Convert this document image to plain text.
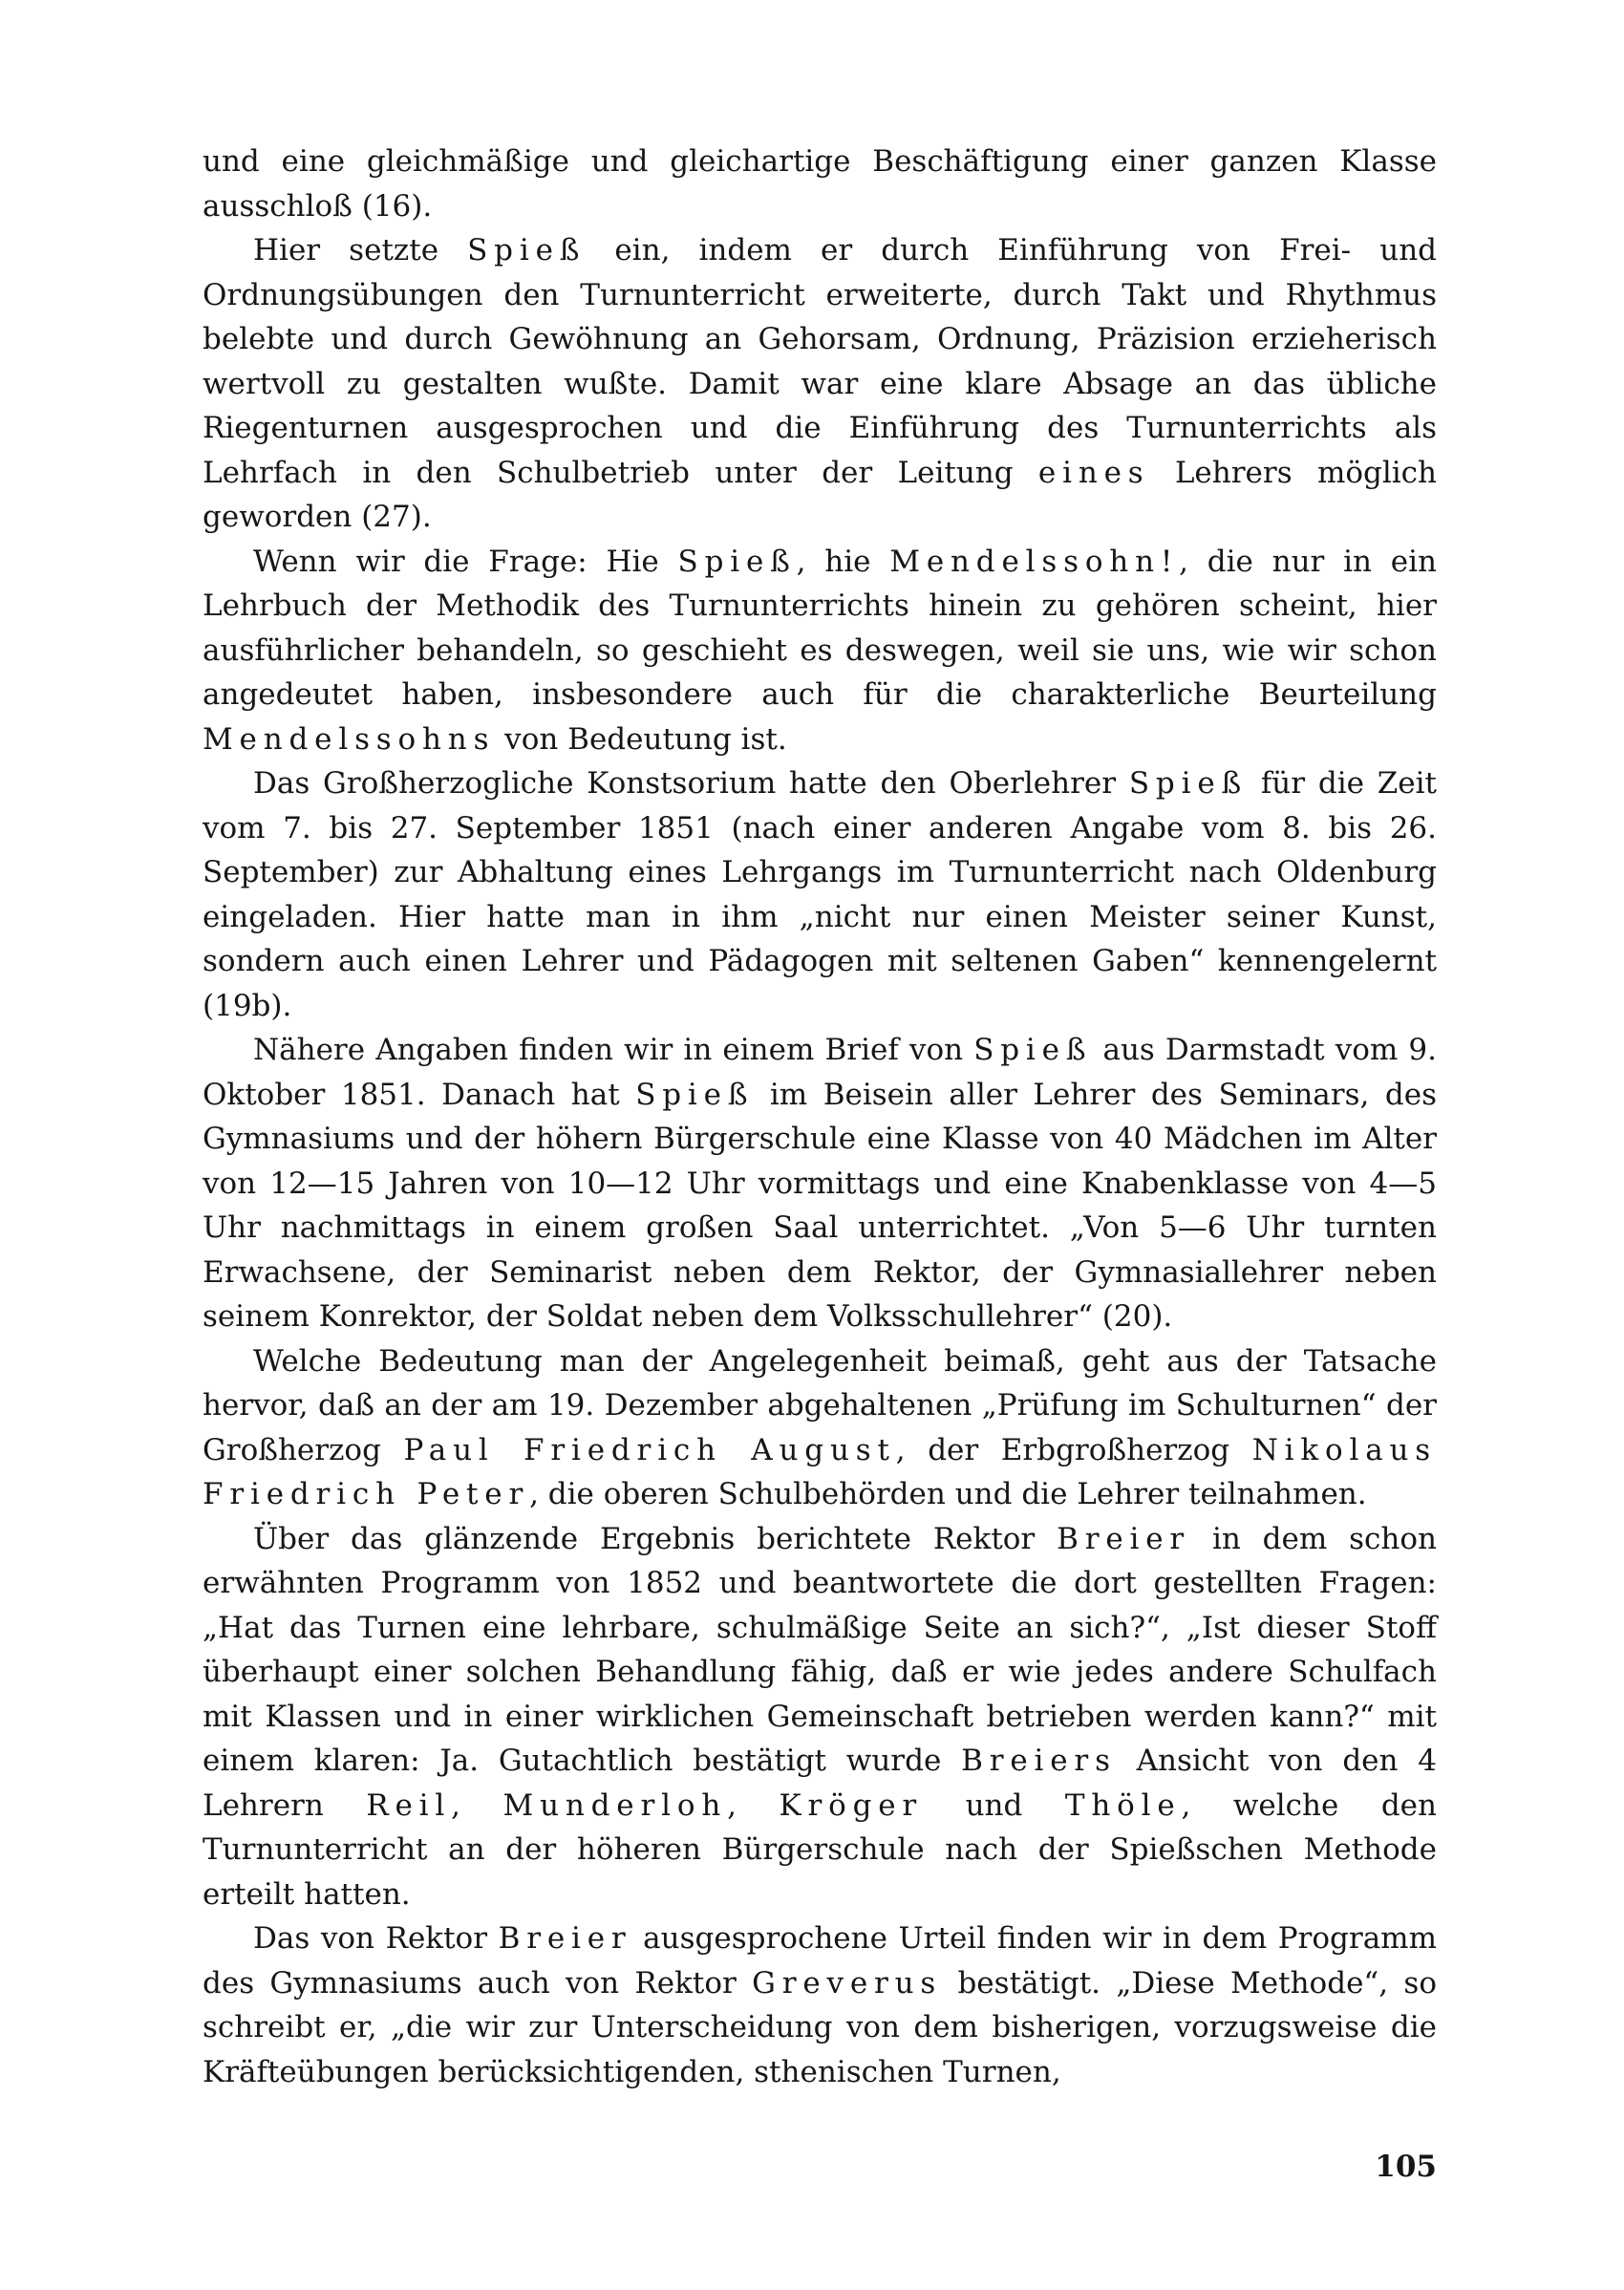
und eine gleichmäßige und gleichartige Beschäftigung einer ganzen Klasse ausschloß (16).

Hier setzte Spieß ein, indem er durch Einführung von Frei- und Ordnungsübungen den Turnunterricht erweiterte, durch Takt und Rhythmus belebte und durch Gewöhnung an Gehorsam, Ordnung, Präzision erzieherisch wertvoll zu gestalten wußte. Damit war eine klare Absage an das übliche Riegenturnen ausgesprochen und die Einführung des Turnunterrichts als Lehrfach in den Schulbetrieb unter der Leitung eines Lehrers möglich geworden (27).

Wenn wir die Frage: Hie Spieß, hie Mendelssohn!, die nur in ein Lehrbuch der Methodik des Turnunterrichts hinein zu gehören scheint, hier ausführlicher behandeln, so geschieht es deswegen, weil sie uns, wie wir schon angedeutet haben, insbesondere auch für die charakterliche Beurteilung Mendelssohns von Bedeutung ist.

Das Großherzogliche Konstsorium hatte den Oberlehrer Spieß für die Zeit vom 7. bis 27. September 1851 (nach einer anderen Angabe vom 8. bis 26. September) zur Abhaltung eines Lehrgangs im Turnunterricht nach Oldenburg eingeladen. Hier hatte man in ihm „nicht nur einen Meister seiner Kunst, sondern auch einen Lehrer und Pädagogen mit seltenen Gaben“ kennengelernt (19b).

Nähere Angaben finden wir in einem Brief von Spieß aus Darmstadt vom 9. Oktober 1851. Danach hat Spieß im Beisein aller Lehrer des Seminars, des Gymnasiums und der höhern Bürgerschule eine Klasse von 40 Mädchen im Alter von 12—15 Jahren von 10—12 Uhr vormittags und eine Knabenklasse von 4—5 Uhr nachmittags in einem großen Saal unterrichtet. „Von 5—6 Uhr turnten Erwachsene, der Seminarist neben dem Rektor, der Gymnasiallehrer neben seinem Konrektor, der Soldat neben dem Volksschullehrer“ (20).

Welche Bedeutung man der Angelegenheit beimaß, geht aus der Tatsache hervor, daß an der am 19. Dezember abgehaltenen „Prüfung im Schulturnen“ der Großherzog Paul Friedrich August, der Erbgroßherzog Nikolaus Friedrich Peter, die oberen Schulbehörden und die Lehrer teilnahmen.

Über das glänzende Ergebnis berichtete Rektor Breier in dem schon erwähnten Programm von 1852 und beantwortete die dort gestellten Fragen: „Hat das Turnen eine lehrbare, schulmäßige Seite an sich?“, „Ist dieser Stoff überhaupt einer solchen Behandlung fähig, daß er wie jedes andere Schulfach mit Klassen und in einer wirklichen Gemeinschaft betrieben werden kann?“ mit einem klaren: Ja. Gutachtlich bestätigt wurde Breiers Ansicht von den 4 Lehrern Reil, Munderloh, Kröger und Thöle, welche den Turnunterricht an der höheren Bürgerschule nach der Spießschen Methode erteilt hatten.

Das von Rektor Breier ausgesprochene Urteil finden wir in dem Programm des Gymnasiums auch von Rektor Greverus bestätigt. „Diese Methode“, so schreibt er, „die wir zur Unterscheidung von dem bisherigen, vorzugsweise die Kräfteübungen berücksichtigenden, sthenischen Turnen,

105
